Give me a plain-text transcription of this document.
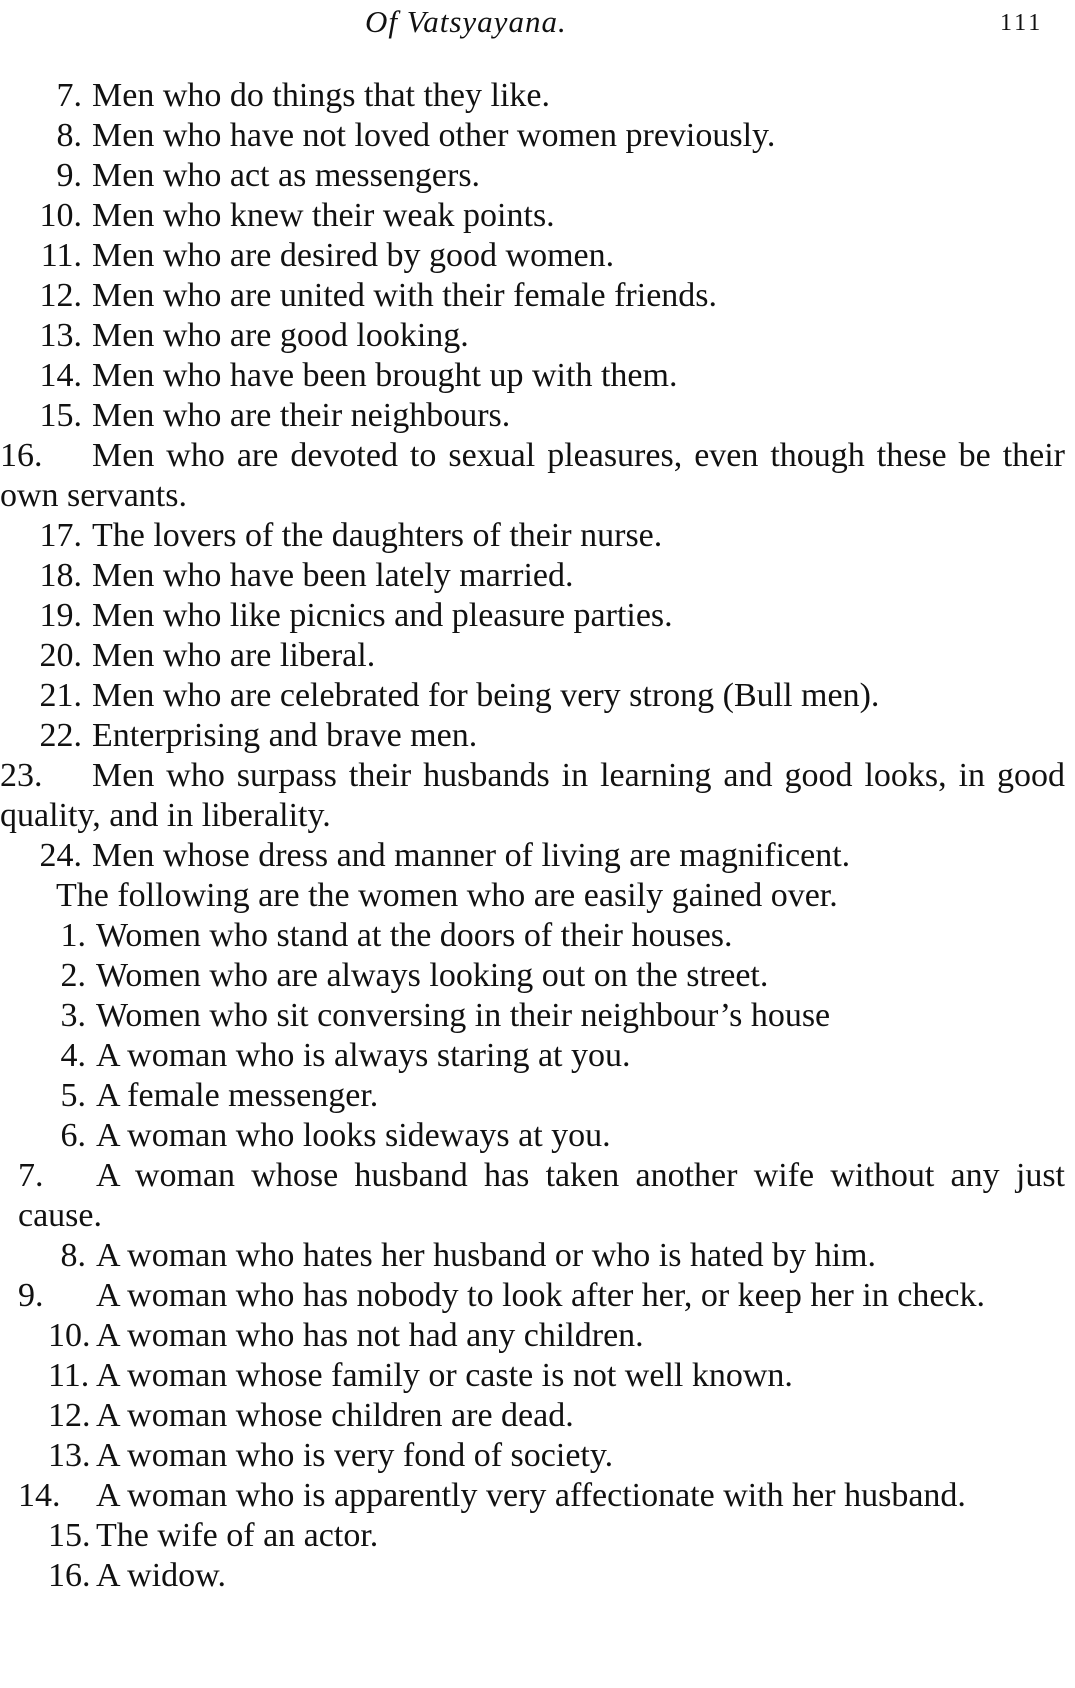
Of Vatsyayana.	111
7. Men who do things that they like.
8. Men who have not loved other women previously.
9. Men who act as messengers.
10. Men who knew their weak points.
11. Men who are desired by good women.
12. Men who are united with their female friends.
13. Men who are good looking.
14. Men who have been brought up with them.
15. Men who are their neighbours.
16. Men who are devoted to sexual pleasures, even though these be their own servants.
17. The lovers of the daughters of their nurse.
18. Men who have been lately married.
19. Men who like picnics and pleasure parties.
20. Men who are liberal.
21. Men who are celebrated for being very strong (Bull men).
22. Enterprising and brave men.
23. Men who surpass their husbands in learning and good looks, in good quality, and in liberality.
24. Men whose dress and manner of living are magnificent.
The following are the women who are easily gained over.
1. Women who stand at the doors of their houses.
2. Women who are always looking out on the street.
3. Women who sit conversing in their neighbour’s house
4. A woman who is always staring at you.
5. A female messenger.
6. A woman who looks sideways at you.
7. A woman whose husband has taken another wife without any just cause.
8. A woman who hates her husband or who is hated by him.
9. A woman who has nobody to look after her, or keep her in check.
10. A woman who has not had any children.
11. A woman whose family or caste is not well known.
12. A woman whose children are dead.
13. A woman who is very fond of society.
14. A woman who is apparently very affectionate with her husband.
15. The wife of an actor.
16. A widow.
